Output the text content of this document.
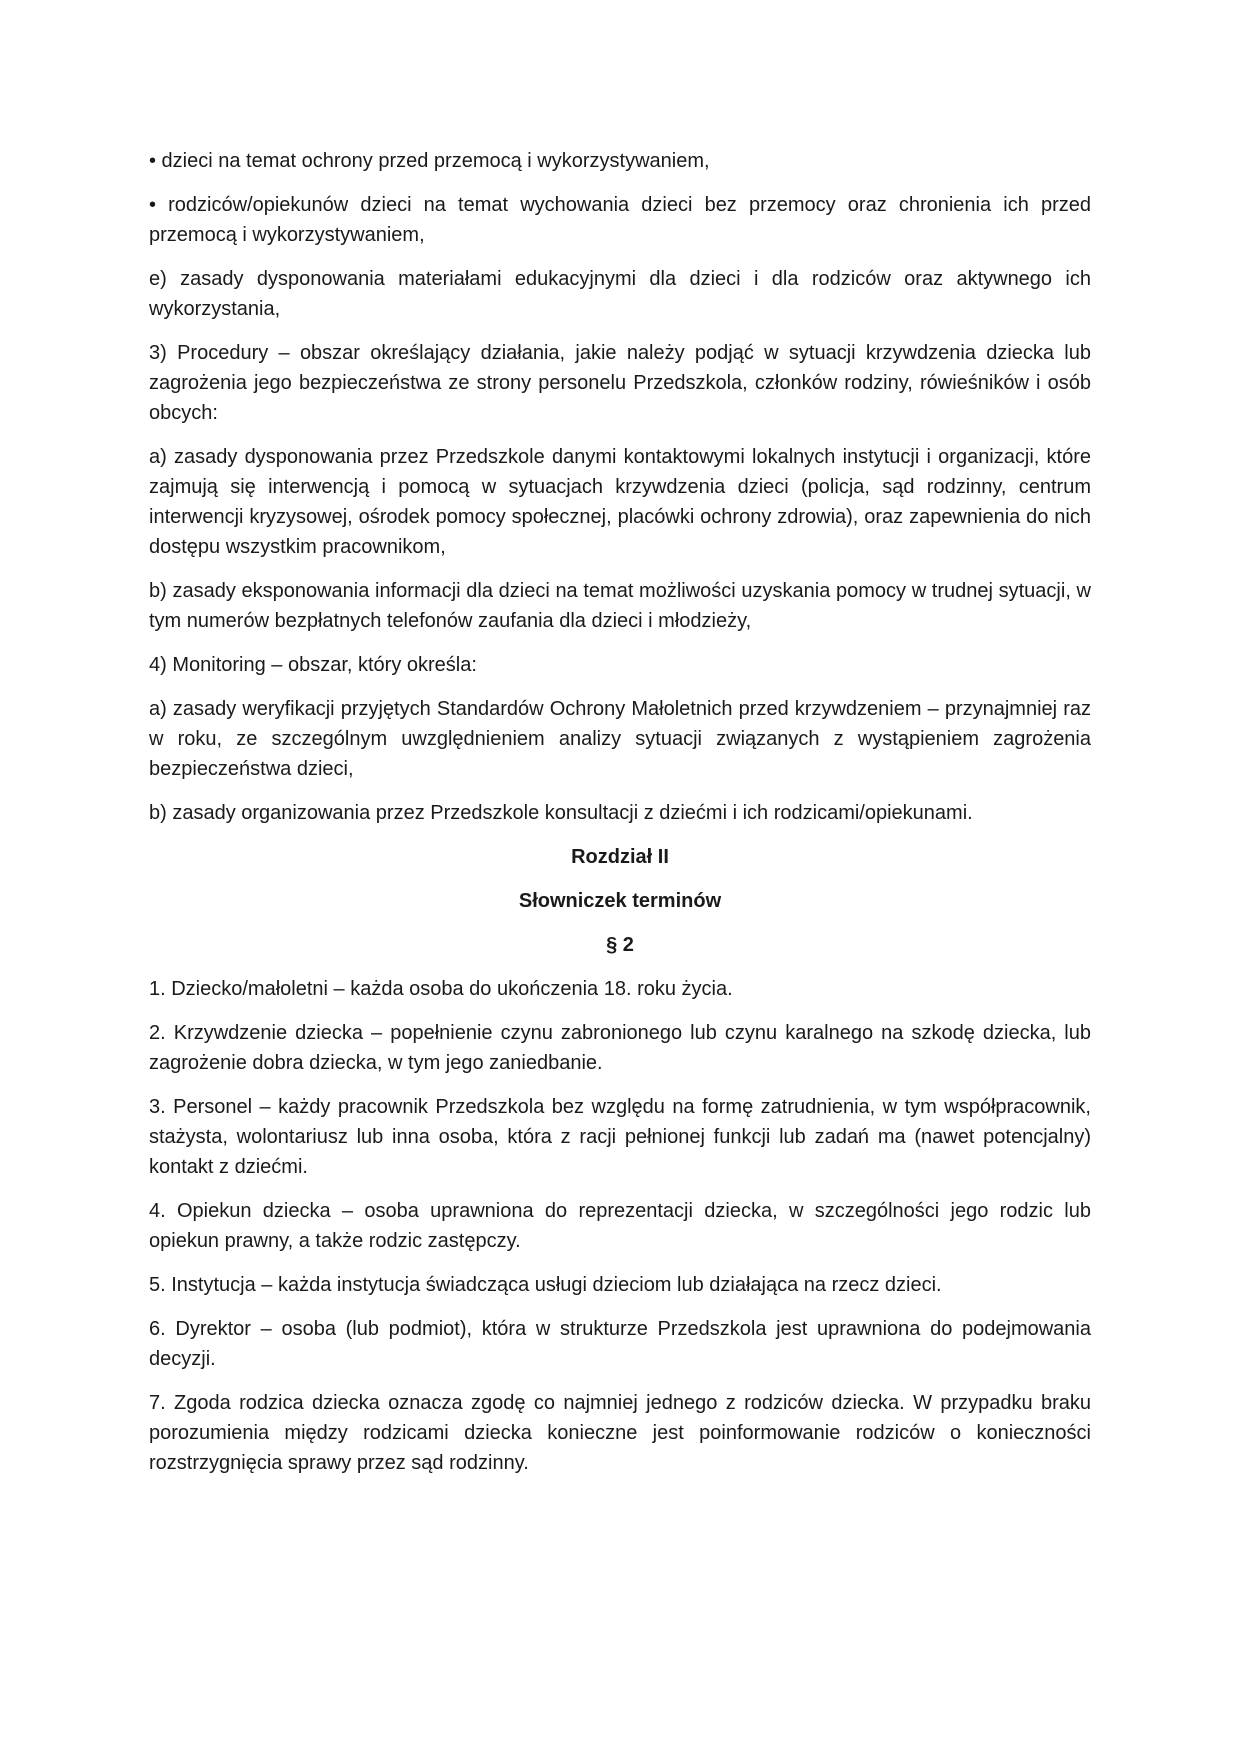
• dzieci na temat ochrony przed przemocą i wykorzystywaniem,

• rodziców/opiekunów dzieci na temat wychowania dzieci bez przemocy oraz chronienia ich przed przemocą i wykorzystywaniem,

e) zasady dysponowania materiałami edukacyjnymi dla dzieci i dla rodziców oraz aktywnego ich wykorzystania,

3) Procedury – obszar określający działania, jakie należy podjąć w sytuacji krzywdzenia dziecka lub zagrożenia jego bezpieczeństwa ze strony personelu Przedszkola, członków rodziny, rówieśników i osób obcych:

a) zasady dysponowania przez Przedszkole danymi kontaktowymi lokalnych instytucji i organizacji, które zajmują się interwencją i pomocą w sytuacjach krzywdzenia dzieci (policja, sąd rodzinny, centrum interwencji kryzysowej, ośrodek pomocy społecznej, placówki ochrony zdrowia), oraz zapewnienia do nich dostępu wszystkim pracownikom,

b) zasady eksponowania informacji dla dzieci na temat możliwości uzyskania pomocy w trudnej sytuacji, w tym numerów bezpłatnych telefonów zaufania dla dzieci i młodzieży,

4) Monitoring – obszar, który określa:

a) zasady weryfikacji przyjętych Standardów Ochrony Małoletnich przed krzywdzeniem – przynajmniej raz w roku, ze szczególnym uwzględnieniem analizy sytuacji związanych z wystąpieniem zagrożenia bezpieczeństwa dzieci,

b) zasady organizowania przez Przedszkole konsultacji z dziećmi i ich rodzicami/opiekunami.

Rozdział II

Słowniczek terminów

§ 2

1. Dziecko/małoletni – każda osoba do ukończenia 18. roku życia.

2. Krzywdzenie dziecka – popełnienie czynu zabronionego lub czynu karalnego na szkodę dziecka, lub zagrożenie dobra dziecka, w tym jego zaniedbanie.

3. Personel – każdy pracownik Przedszkola bez względu na formę zatrudnienia, w tym współpracownik, stażysta, wolontariusz lub inna osoba, która z racji pełnionej funkcji lub zadań ma (nawet potencjalny) kontakt z dziećmi.

4. Opiekun dziecka – osoba uprawniona do reprezentacji dziecka, w szczególności jego rodzic lub opiekun prawny, a także rodzic zastępczy.

5. Instytucja – każda instytucja świadcząca usługi dzieciom lub działająca na rzecz dzieci.

6. Dyrektor – osoba (lub podmiot), która w strukturze Przedszkola jest uprawniona do podejmowania decyzji.

7. Zgoda rodzica dziecka oznacza zgodę co najmniej jednego z rodziców dziecka. W przypadku braku porozumienia między rodzicami dziecka konieczne jest poinformowanie rodziców o konieczności rozstrzygnięcia sprawy przez sąd rodzinny.
